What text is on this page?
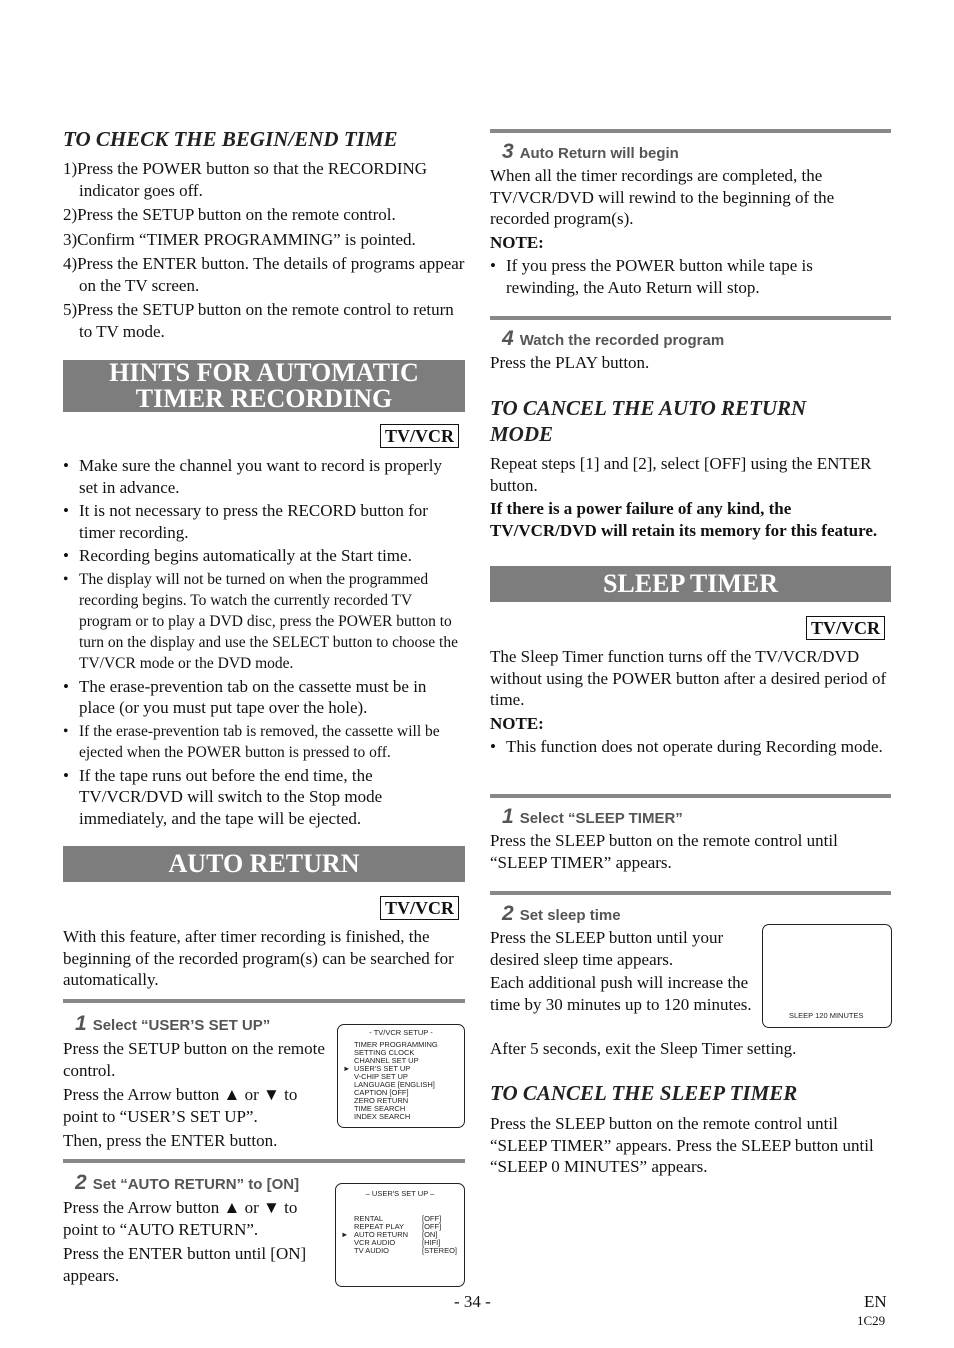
TO CHECK THE BEGIN/END TIME
1)Press the POWER button so that the RECORDING indicator goes off.
2)Press the SETUP button on the remote control.
3)Confirm “TIMER PROGRAMMING” is pointed.
4)Press the ENTER button. The details of programs appear on the TV screen.
5)Press the SETUP button on the remote control to return to TV mode.
HINTS FOR AUTOMATIC
TIMER RECORDING
TV/VCR
• Make sure the channel you want to record is properly set in advance.
• It is not necessary to press the RECORD button for timer recording.
• Recording begins automatically at the Start time.
• The display will not be turned on when the programmed recording begins. To watch the currently recorded TV program or to play a DVD disc, press the POWER button to turn on the display and use the SELECT button to choose the TV/VCR mode or the DVD mode.
• The erase-prevention tab on the cassette must be in place (or you must put tape over the hole).
• If the erase-prevention tab is removed, the cassette will be ejected when the POWER button is pressed to off.
• If the tape runs out before the end time, the TV/VCR/DVD will switch to the Stop mode immediately, and the tape will be ejected.
AUTO RETURN
TV/VCR
With this feature, after timer recording is finished, the beginning of the recorded program(s) can be searched for automatically.
1 Select “USER’S SET UP”
Press the SETUP button on the remote control.
Press the Arrow button ▲ or ▼ to point to “USER’S SET UP”.
Then, press the ENTER button.
- TV/VCR SETUP -
TIMER PROGRAMMING
SETTING CLOCK
CHANNEL SET UP
► USER'S SET UP
V-CHIP SET UP
LANGUAGE [ENGLISH]
CAPTION [OFF]
ZERO RETURN
TIME SEARCH
INDEX SEARCH
2 Set “AUTO RETURN” to [ON]
Press the Arrow button ▲ or ▼ to point to “AUTO RETURN”.
Press the ENTER button until [ON] appears.
– USER'S SET UP –
RENTAL	[OFF]
REPEAT PLAY [OFF]
► AUTO RETURN [ON]
VCR AUDIO	[HIFI]
TV AUDIO	[STEREO]
3 Auto Return will begin
When all the timer recordings are completed, the TV/VCR/DVD will rewind to the beginning of the recorded program(s).
NOTE:
• If you press the POWER button while tape is rewinding, the Auto Return will stop.
4 Watch the recorded program
Press the PLAY button.
TO CANCEL THE AUTO RETURN
MODE
Repeat steps [1] and [2], select [OFF] using the ENTER button.
If there is a power failure of any kind, the TV/VCR/DVD will retain its memory for this feature.
SLEEP TIMER
TV/VCR
The Sleep Timer function turns off the TV/VCR/DVD without using the POWER button after a desired period of time.
NOTE:
• This function does not operate during Recording mode.
1 Select “SLEEP TIMER”
Press the SLEEP button on the remote control until “SLEEP TIMER” appears.
2 Set sleep time
Press the SLEEP button until your desired sleep time appears.
Each additional push will increase the time by 30 minutes up to 120 minutes.
After 5 seconds, exit the Sleep Timer setting.
SLEEP 120 MINUTES
TO CANCEL THE SLEEP TIMER
Press the SLEEP button on the remote control until “SLEEP TIMER” appears. Press the SLEEP button until “SLEEP 0 MINUTES” appears.
- 34 -	EN
1C29
